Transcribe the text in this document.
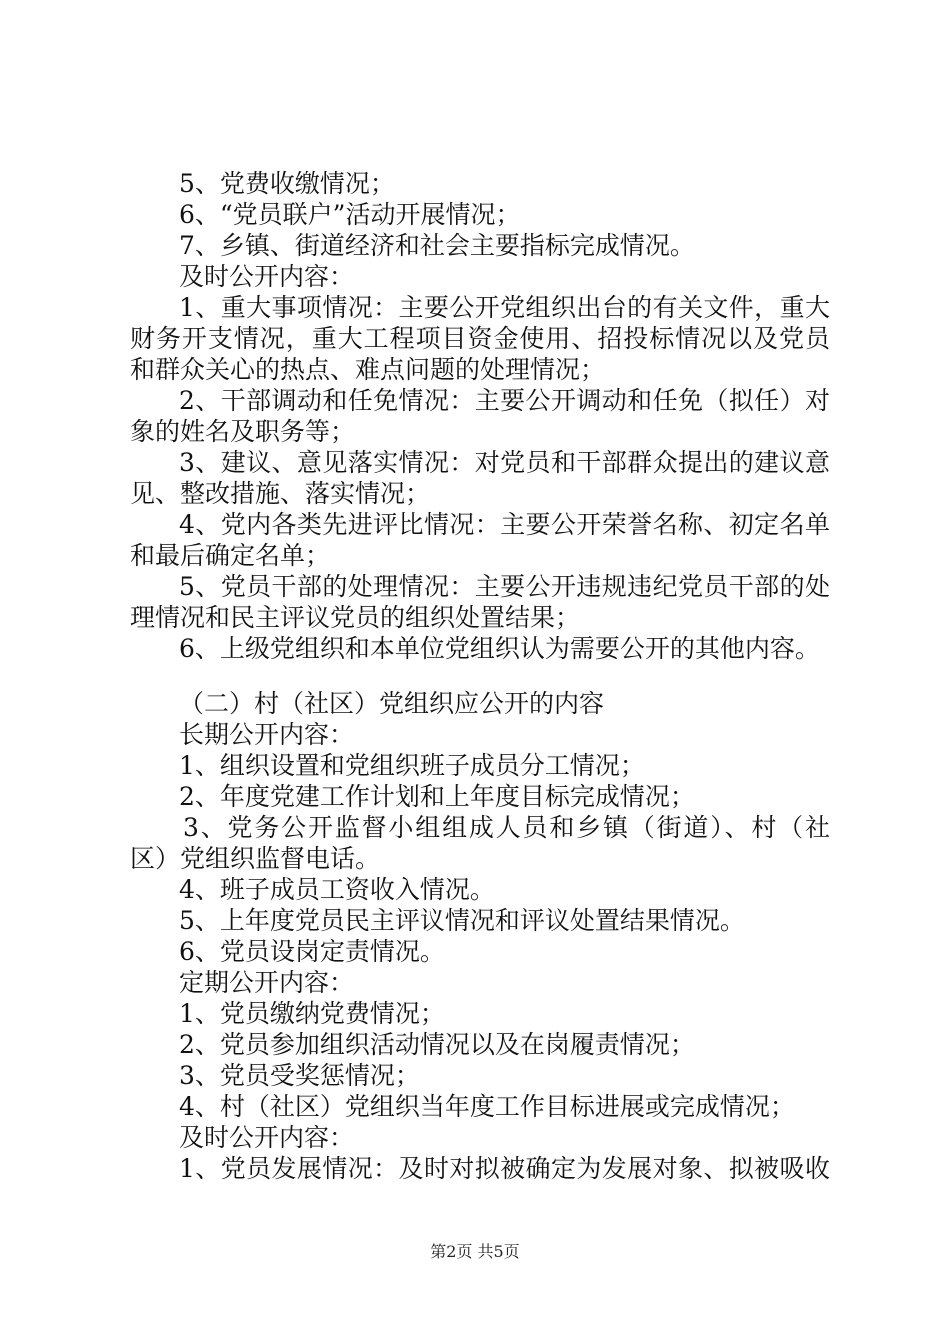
5、党费收缴情况；
6、“党员联户”活动开展情况；
7、乡镇、街道经济和社会主要指标完成情况。
及时公开内容：
1、重大事项情况：主要公开党组织出台的有关文件，重大
财务开支情况，重大工程项目资金使用、招投标情况以及党员
和群众关心的热点、难点问题的处理情况；
2、干部调动和任免情况：主要公开调动和任免（拟任）对
象的姓名及职务等；
3、建议、意见落实情况：对党员和干部群众提出的建议意
见、整改措施、落实情况；
4、党内各类先进评比情况：主要公开荣誉名称、初定名单
和最后确定名单；
5、党员干部的处理情况：主要公开违规违纪党员干部的处
理情况和民主评议党员的组织处置结果；
6、上级党组织和本单位党组织认为需要公开的其他内容。
（二）村（社区）党组织应公开的内容
长期公开内容：
1、组织设置和党组织班子成员分工情况；
2、年度党建工作计划和上年度目标完成情况；
3、党务公开监督小组组成人员和乡镇（街道）、村（社
区）党组织监督电话。
4、班子成员工资收入情况。
5、上年度党员民主评议情况和评议处置结果情况。
6、党员设岗定责情况。
定期公开内容：
1、党员缴纳党费情况；
2、党员参加组织活动情况以及在岗履责情况；
3、党员受奖惩情况；
4、村（社区）党组织当年度工作目标进展或完成情况；
及时公开内容：
1、党员发展情况：及时对拟被确定为发展对象、拟被吸收
第2页 共5页
